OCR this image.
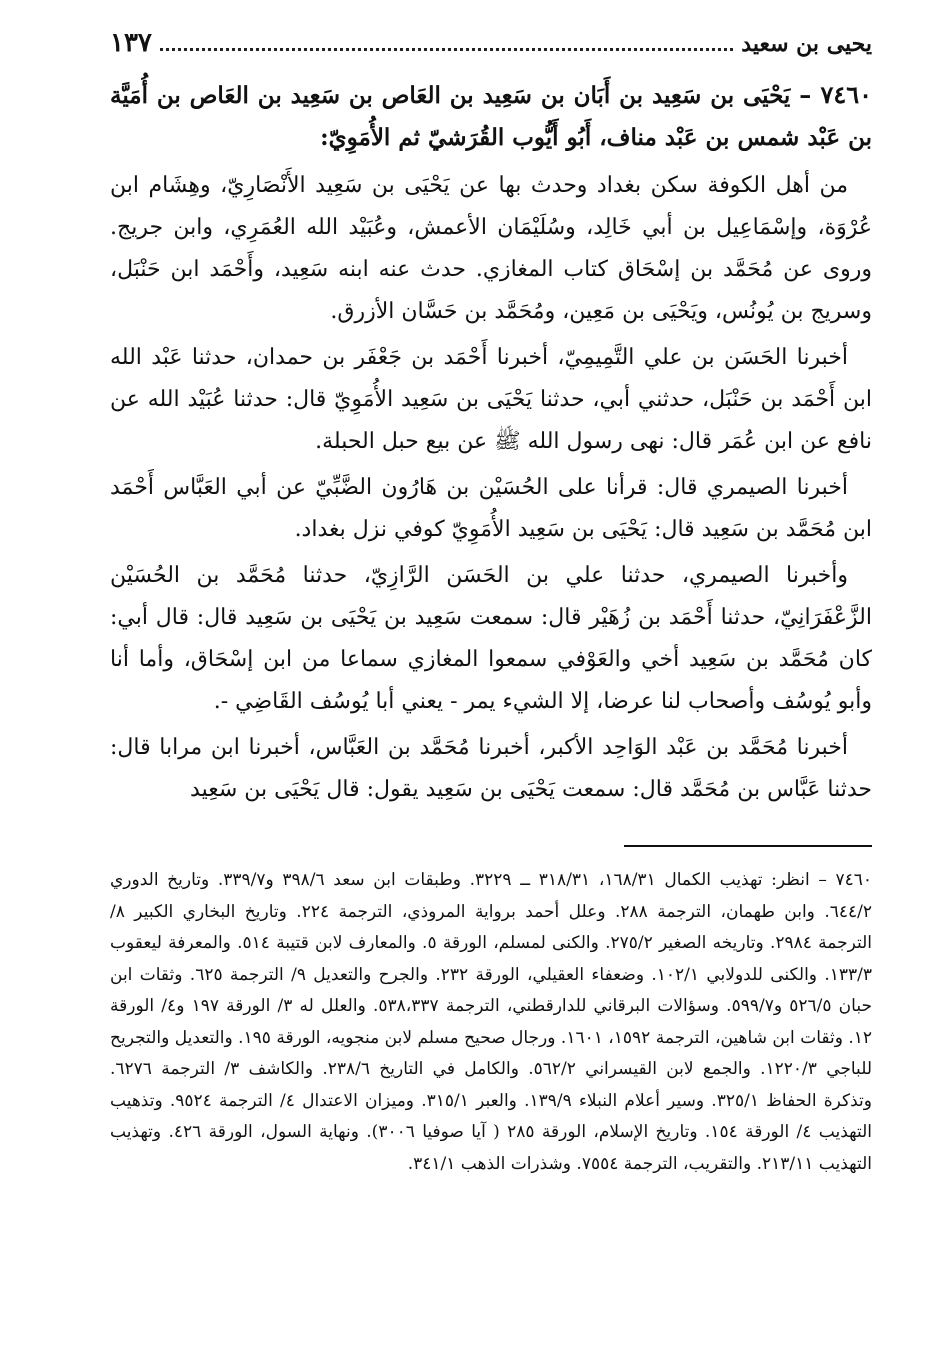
يحيى بن سعيد
١٣٧
٧٤٦٠ – يَحْيَى بن سَعِيد بن أَبَان بن سَعِيد بن العَاص بن سَعِيد بن العَاص بن أُمَيَّة بن عَبْد شمس بن عَبْد مناف، أَبُو أَيُّوب القُرَشيّ ثم الأُمَوِيّ:

من أهل الكوفة سكن بغداد وحدث بها عن يَحْيَى بن سَعِيد الأَنْصَارِيّ، وهِشَام ابن عُرْوَة، وإسْمَاعِيل بن أبي خَالِد، وسُلَيْمَان الأعمش، وعُبَيْد الله العُمَرِي، وابن جريج. وروى عن مُحَمَّد بن إسْحَاق كتاب المغازي. حدث عنه ابنه سَعِيد، وأَحْمَد ابن حَنْبَل، وسريج بن يُونُس، ويَحْيَى بن مَعِين، ومُحَمَّد بن حَسَّان الأزرق.

أخبرنا الحَسَن بن علي التَّمِيمِيّ، أخبرنا أَحْمَد بن جَعْفَر بن حمدان، حدثنا عَبْد الله ابن أَحْمَد بن حَنْبَل، حدثني أبي، حدثنا يَحْيَى بن سَعِيد الأُمَوِيّ قال: حدثنا عُبَيْد الله عن نافع عن ابن عُمَر قال: نهى رسول الله ﷺ عن بيع حبل الحبلة.

أخبرنا الصيمري قال: قرأنا على الحُسَيْن بن هَارُون الضَّبِّيّ عن أبي العَبَّاس أَحْمَد ابن مُحَمَّد بن سَعِيد قال: يَحْيَى بن سَعِيد الأُمَوِيّ كوفي نزل بغداد.

وأخبرنا الصيمري، حدثنا علي بن الحَسَن الرَّازِيّ، حدثنا مُحَمَّد بن الحُسَيْن الزَّعْفَرَانِيّ، حدثنا أَحْمَد بن زُهَيْر قال: سمعت سَعِيد بن يَحْيَى بن سَعِيد قال: قال أبي: كان مُحَمَّد بن سَعِيد أخي والعَوْفي سمعوا المغازي سماعا من ابن إسْحَاق، وأما أنا وأبو يُوسُف وأصحاب لنا عرضا، إلا الشيء يمر - يعني أبا يُوسُف القَاضِي -.

أخبرنا مُحَمَّد بن عَبْد الوَاحِد الأكبر، أخبرنا مُحَمَّد بن العَبَّاس، أخبرنا ابن مرابا قال: حدثنا عَبَّاس بن مُحَمَّد قال: سمعت يَحْيَى بن سَعِيد يقول: قال يَحْيَى بن سَعِيد

٧٤٦٠ – انظر: تهذيب الكمال ١٦٨/٣١، ٣١٨/٣١ ــ ٣٢٢٩. وطبقات ابن سعد ٣٩٨/٦ و٣٣٩/٧. وتاريخ الدوري ٦٤٤/٢. وابن طهمان، الترجمة ٢٨٨. وعلل أحمد برواية المروذي، الترجمة ٢٢٤. وتاريخ البخاري الكبير ٨/ الترجمة ٢٩٨٤. وتاريخه الصغير ٢٧٥/٢. والكنى لمسلم، الورقة ٥. والمعارف لابن قتيبة ٥١٤. والمعرفة ليعقوب ١٣٣/٣. والكنى للدولابي ١٠٢/١. وضعفاء العقيلي، الورقة ٢٣٢. والجرح والتعديل ٩/ الترجمة ٦٢٥. وثقات ابن حبان ٥٢٦/٥ و٥٩٩/٧. وسؤالات البرقاني للدارقطني، الترجمة ٥٣٨،٣٣٧. والعلل له ٣/ الورقة ١٩٧ و٤/ الورقة ١٢. وثقات ابن شاهين، الترجمة ١٥٩٢، ١٦٠١. ورجال صحيح مسلم لابن منجويه، الورقة ١٩٥. والتعديل والتجريح للباجي ١٢٢٠/٣. والجمع لابن القيسراني ٥٦٢/٢. والكامل في التاريخ ٢٣٨/٦. والكاشف ٣/ الترجمة ٦٢٧٦. وتذكرة الحفاظ ٣٢٥/١. وسير أعلام النبلاء ١٣٩/٩. والعبر ٣١٥/١. وميزان الاعتدال ٤/ الترجمة ٩٥٢٤. وتذهيب التهذيب ٤/ الورقة ١٥٤. وتاريخ الإسلام، الورقة ٢٨٥ ( آيا صوفيا ٣٠٠٦). ونهاية السول، الورقة ٤٢٦. وتهذيب التهذيب ٢١٣/١١. والتقريب، الترجمة ٧٥٥٤. وشذرات الذهب ٣٤١/١.
